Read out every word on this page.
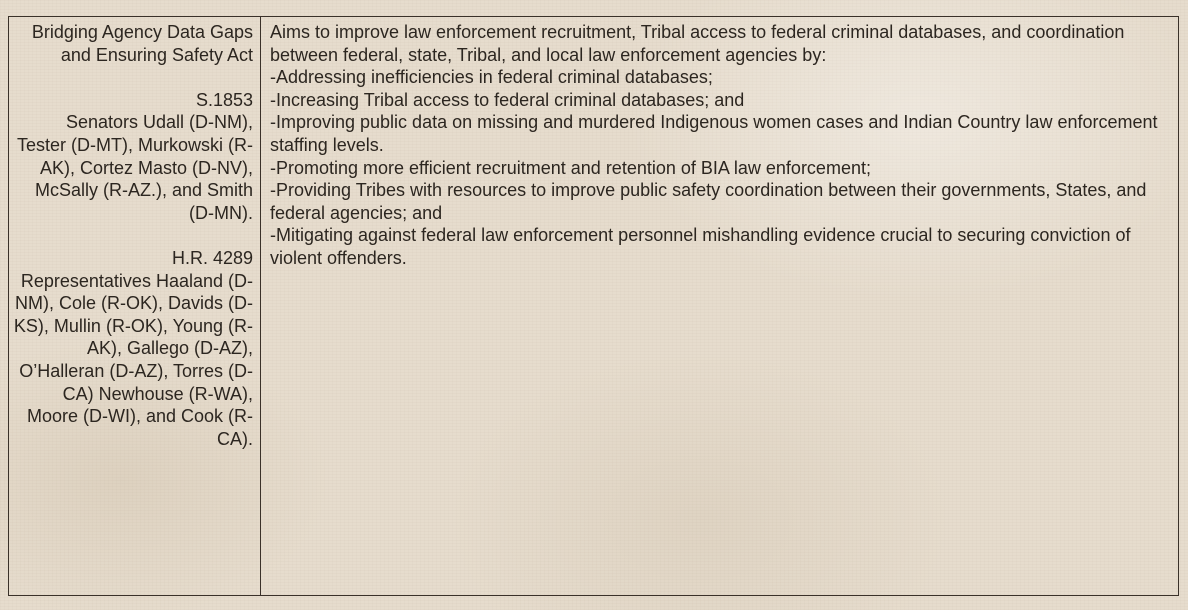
Bridging Agency Data Gaps and Ensuring Safety Act
S.1853
Senators Udall (D-NM), Tester (D-MT), Murkowski (R-AK), Cortez Masto (D-NV), McSally (R-AZ.), and Smith (D-MN).
H.R. 4289
Representatives Haaland (D-NM), Cole (R-OK), Davids (D-KS), Mullin (R-OK), Young (R-AK), Gallego (D-AZ), O’Halleran (D-AZ), Torres (D-CA) Newhouse (R-WA), Moore (D-WI), and Cook (R-CA).
Aims to improve law enforcement recruitment, Tribal access to federal criminal databases, and coordination between federal, state, Tribal, and local law enforcement agencies by:
-Addressing inefficiencies in federal criminal databases;
-Increasing Tribal access to federal criminal databases; and
-Improving public data on missing and murdered Indigenous women cases and Indian Country law enforcement staffing levels.
-Promoting more efficient recruitment and retention of BIA law enforcement;
-Providing Tribes with resources to improve public safety coordination between their governments, States, and federal agencies; and
-Mitigating against federal law enforcement personnel mishandling evidence crucial to securing conviction of violent offenders.
